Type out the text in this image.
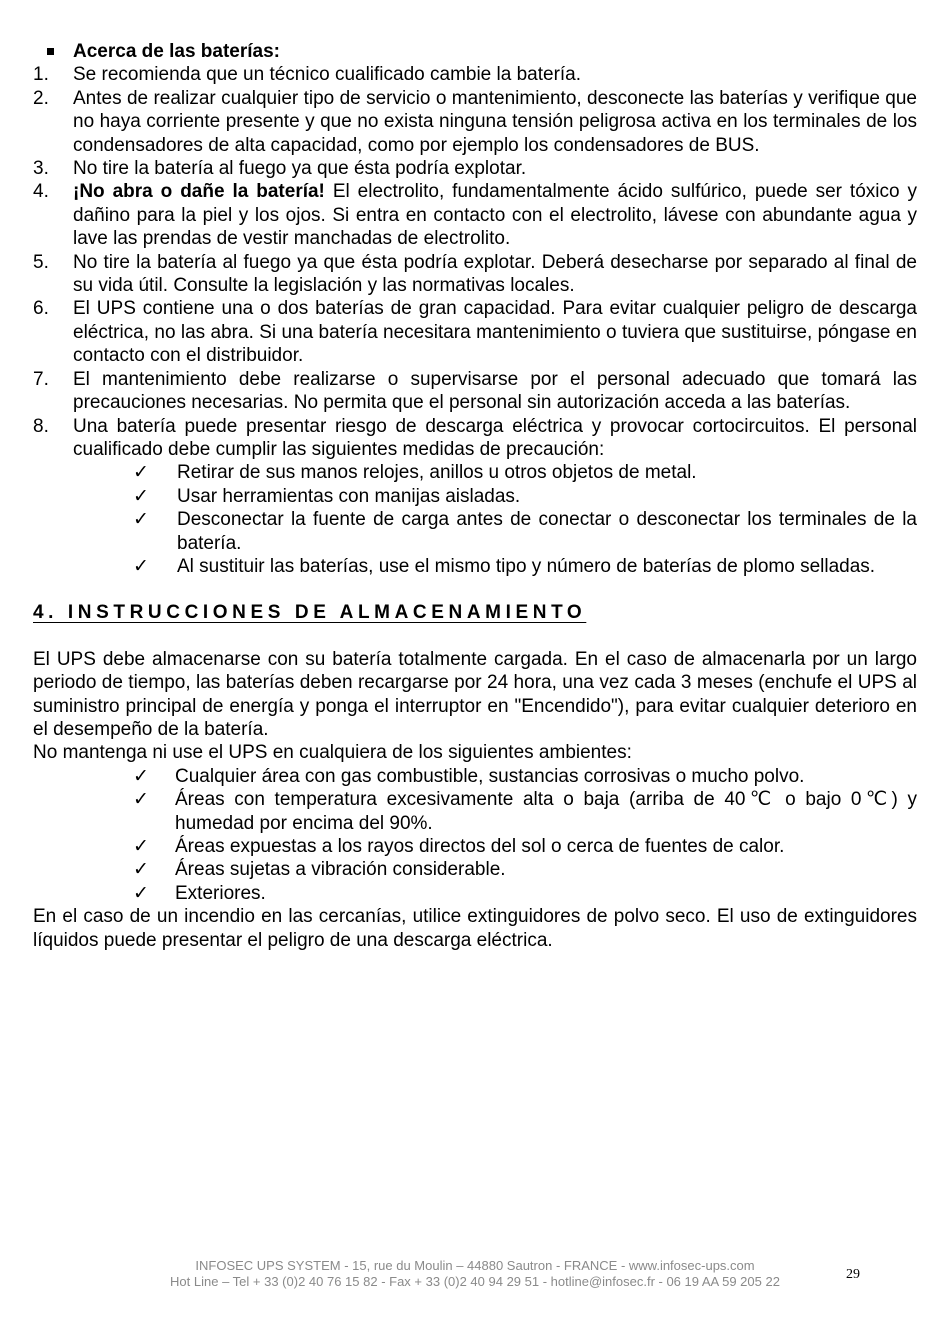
Acerca de las baterías:
1.	Se recomienda que un técnico cualificado cambie la batería.
2.	Antes de realizar cualquier tipo de servicio o mantenimiento, desconecte las baterías y verifique que no haya corriente presente y que no exista ninguna tensión peligrosa activa en los terminales de los condensadores de alta capacidad, como por ejemplo los condensadores de BUS.
3.	No tire la batería al fuego ya que ésta podría explotar.
4.	¡No abra o dañe la batería! El electrolito, fundamentalmente ácido sulfúrico, puede ser tóxico y dañino para la piel y los ojos. Si entra en contacto con el electrolito, lávese con abundante agua y lave las prendas de vestir manchadas de electrolito.
5.	No tire la batería al fuego ya que ésta podría explotar. Deberá desecharse por separado al final de su vida útil. Consulte la legislación y las normativas locales.
6.	El UPS contiene una o dos baterías de gran capacidad. Para evitar cualquier peligro de descarga eléctrica, no las abra. Si una batería necesitara mantenimiento o tuviera que sustituirse, póngase en contacto con el distribuidor.
7.	El mantenimiento debe realizarse o supervisarse por el personal adecuado que tomará las precauciones necesarias. No permita que el personal sin autorización acceda a las baterías.
8.	Una batería puede presentar riesgo de descarga eléctrica y provocar cortocircuitos. El personal cualificado debe cumplir las siguientes medidas de precaución:
✓ Retirar de sus manos relojes, anillos u otros objetos de metal.
✓ Usar herramientas con manijas aisladas.
✓ Desconectar la fuente de carga antes de conectar o desconectar los terminales de la batería.
✓ Al sustituir las baterías, use el mismo tipo y número de baterías de plomo selladas.
4. INSTRUCCIONES DE ALMACENAMIENTO
El UPS debe almacenarse con su batería totalmente cargada. En el caso de almacenarla por un largo periodo de tiempo, las baterías deben recargarse por 24 hora, una vez cada 3 meses (enchufe el UPS al suministro principal de energía y ponga el interruptor en "Encendido"), para evitar cualquier deterioro en el desempeño de la batería.
No mantenga ni use el UPS en cualquiera de los siguientes ambientes:
✓ Cualquier área con gas combustible, sustancias corrosivas o mucho polvo.
✓ Áreas con temperatura excesivamente alta o baja (arriba de 40℃ o bajo 0℃) y humedad por encima del 90%.
✓ Áreas expuestas a los rayos directos del sol o cerca de fuentes de calor.
✓ Áreas sujetas a vibración considerable.
✓ Exteriores.
En el caso de un incendio en las cercanías, utilice extinguidores de polvo seco. El uso de extinguidores líquidos puede presentar el peligro de una descarga eléctrica.
INFOSEC UPS SYSTEM - 15, rue du Moulin – 44880 Sautron - FRANCE - www.infosec-ups.com
Hot Line – Tel + 33 (0)2 40 76 15 82 - Fax + 33 (0)2 40 94 29 51 - hotline@infosec.fr - 06 19 AA 59 205 22	29
